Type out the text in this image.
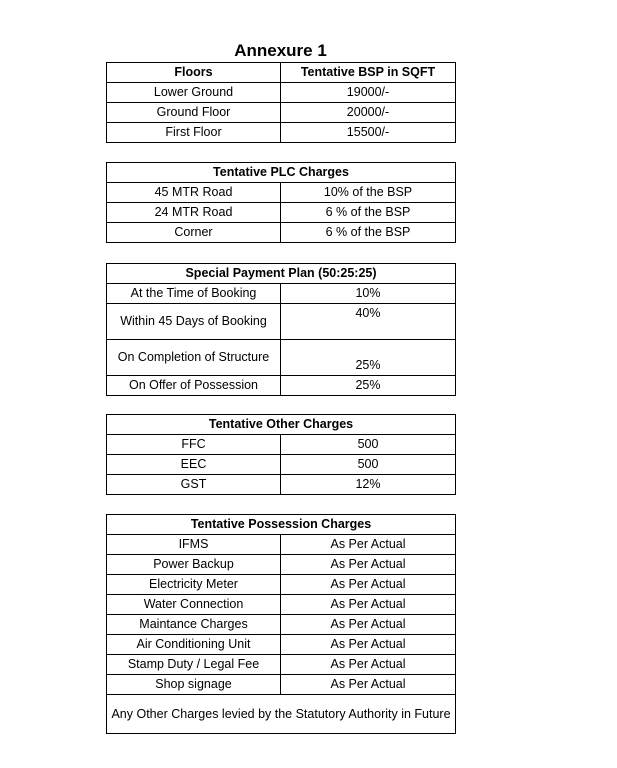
Annexure 1
Floors	Tentative BSP in SQFT
Lower Ground	19000/-
Ground Floor	20000/-
First Floor	15500/-
Tentative PLC Charges	
45 MTR Road	10% of the BSP
24 MTR Road	6 % of the BSP
Corner	6 % of the BSP
Special Payment Plan (50:25:25)	
At the Time of Booking	10%
Within 45 Days of Booking	40%
On Completion of Structure	25%
On Offer of Possession	25%
Tentative Other Charges	
FFC	500
EEC	500
GST	12%
Tentative Possession Charges	
IFMS	As Per Actual
Power Backup	As Per Actual
Electricity Meter	As Per Actual
Water Connection	As Per Actual
Maintance Charges	As Per Actual
Air Conditioning Unit	As Per Actual
Stamp Duty / Legal Fee	As Per Actual
Shop signage	As Per Actual
Any Other Charges levied by the Statutory Authority in Future	
